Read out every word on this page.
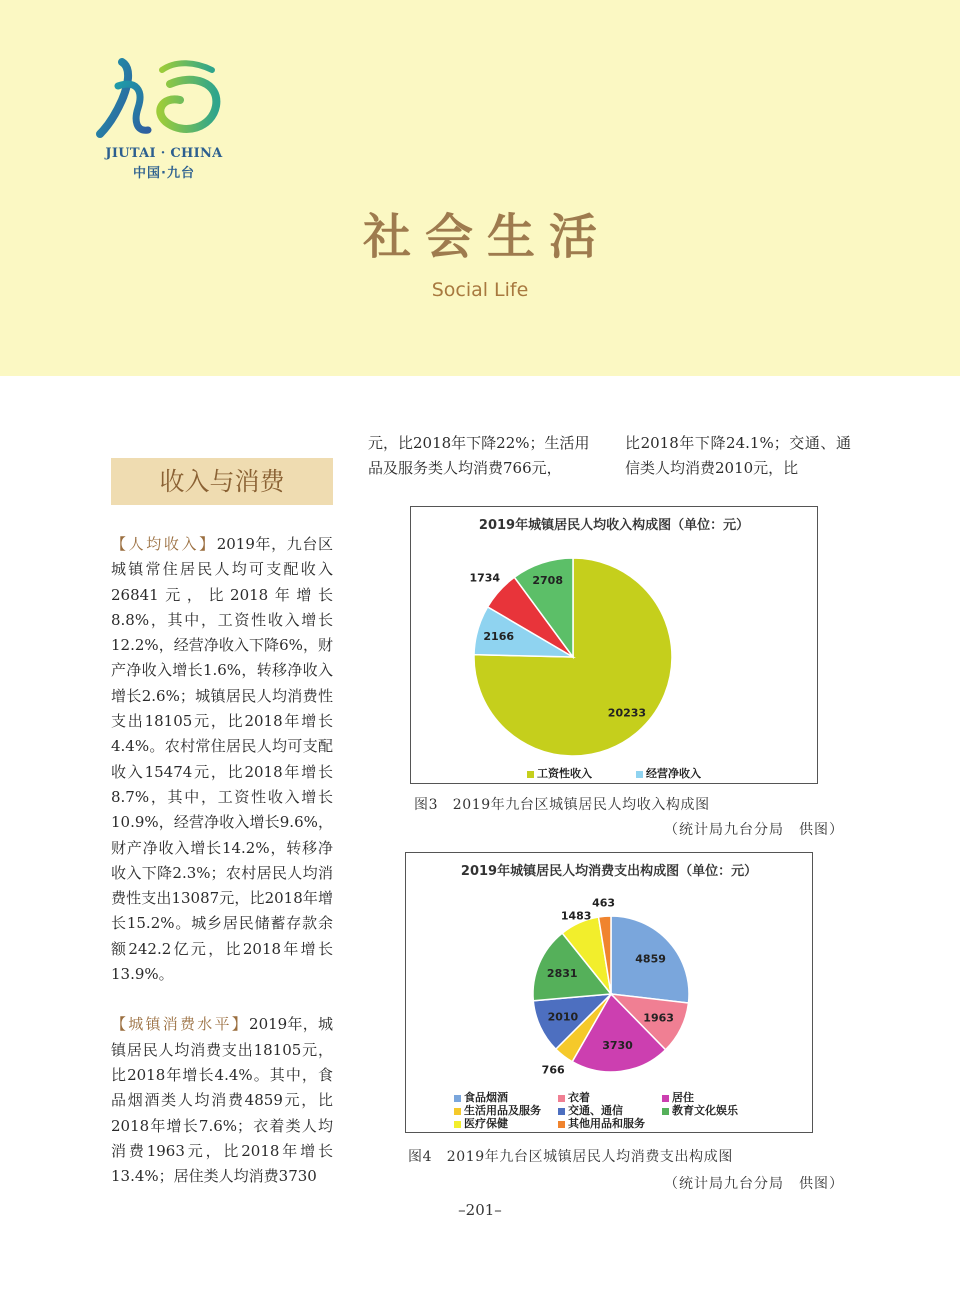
JIUTAI · CHINA
中国·九台
社会生活
Social Life
收入与消费

【人均收入】2019年，九台区城镇常住居民人均可支配收入26841元，比2018年增长8.8%，其中，工资性收入增长12.2%，经营净收入下降6%，财产净收入增长1.6%，转移净收入增长2.6%；城镇居民人均消费性支出18105元，比2018年增长4.4%。农村常住居民人均可支配收入15474元，比2018年增长8.7%，其中，工资性收入增长10.9%，经营净收入增长9.6%，财产净收入增长14.2%，转移净收入下降2.3%；农村居民人均消费性支出13087元，比2018年增长15.2%。城乡居民储蓄存款余额242.2亿元，比2018年增长13.9%。

【城镇消费水平】2019年，城镇居民人均消费支出18105元，比2018年增长4.4%。其中，食品烟酒类人均消费4859元，比2018年增长7.6%；衣着类人均消费1963元，比2018年增长13.4%；居住类人均消费3730

元，比2018年下降22%；生活用品及服务类人均消费766元，
比2018年下降24.1%；交通、通信类人均消费2010元，比
2019年城镇居民人均收入构成图（单位：元）
20233
2166
1734	2708
工资性收入	经营净收入
图3　2019年九台区城镇居民人均收入构成图
（统计局九台分局　供图）
2019年城镇居民人均消费支出构成图（单位：元）
4859
1963
3730
766
2010
2831
1483
463
食品烟酒	衣着	居住
生活用品及服务	交通、通信	教育文化娱乐
医疗保健	其他用品和服务
图4　2019年九台区城镇居民人均消费支出构成图
（统计局九台分局　供图）
–201–
